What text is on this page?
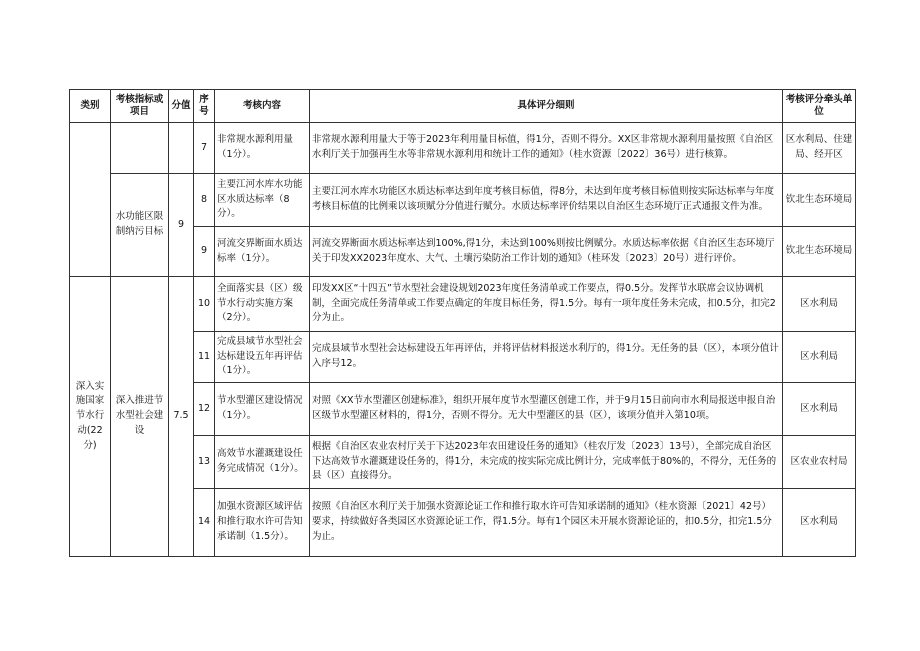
类别	考核指标或项目	分值	序号	考核内容	具体评分细则	考核评分牵头单位
			7	非常规水源利用量（1分）。	非常规水源利用量大于等于2023年利用量目标值，得1分，否则不得分。XX区非常规水源利用量按照《自治区水利厅关于加强再生水等非常规水源利用和统计工作的通知》（桂水资源〔2022〕36号）进行核算。	区水利局、住建局、经开区
	水功能区限制纳污目标	9	8	主要江河水库水功能区水质达标率（8分）。	主要江河水库水功能区水质达标率达到年度考核目标值，得8分，未达到年度考核目标值则按实际达标率与年度考核目标值的比例乘以该项赋分分值进行赋分。水质达标率评价结果以自治区生态环境厅正式通报文件为准。	钦北生态环境局
			9	河流交界断面水质达标率（1分）。	河流交界断面水质达标率达到100%,得1分，未达到100%则按比例赋分。水质达标率依据《自治区生态环境厅关于印发XX2023年度水、大气、土壤污染防治工作计划的通知》（桂环发〔2023〕20号）进行评价。	钦北生态环境局
深入实施国家节水行动(22分)	深入推进节水型社会建设	7.5	10	全面落实县（区）级节水行动实施方案（2分）。	印发XX区“十四五”节水型社会建设规划2023年度任务清单或工作要点，得0.5分。发挥节水联席会议协调机制，全面完成任务清单或工作要点确定的年度目标任务，得1.5分。每有一项年度任务未完成，扣0.5分，扣完2分为止。	区水利局
			11	完成县域节水型社会达标建设五年再评估（1分）。	完成县域节水型社会达标建设五年再评估，并将评估材料报送水利厅的，得1分。无任务的县（区），本项分值计入序号12。	区水利局
			12	节水型灌区建设情况（1分）。	对照《XX节水型灌区创建标准》，组织开展年度节水型灌区创建工作，并于9月15日前向市水利局报送申报自治区级节水型灌区材料的，得1分，否则不得分。无大中型灌区的县（区），该项分值并入第10项。	区水利局
			13	高效节水灌溉建设任务完成情况（1分）。	根据《自治区农业农村厅关于下达2023年农田建设任务的通知》（桂农厅发〔2023〕13号），全部完成自治区下达高效节水灌溉建设任务的，得1分，未完成的按实际完成比例计分，完成率低于80%的，不得分，无任务的县（区）直接得分。	区农业农村局
			14	加强水资源区域评估和推行取水许可告知承诺制（1.5分）。	按照《自治区水利厅关于加强水资源论证工作和推行取水许可告知承诺制的通知》（桂水资源〔2021〕42号）要求，持续做好各类园区水资源论证工作，得1.5分。每有1个园区未开展水资源论证的，扣0.5分，扣完1.5分为止。	区水利局
